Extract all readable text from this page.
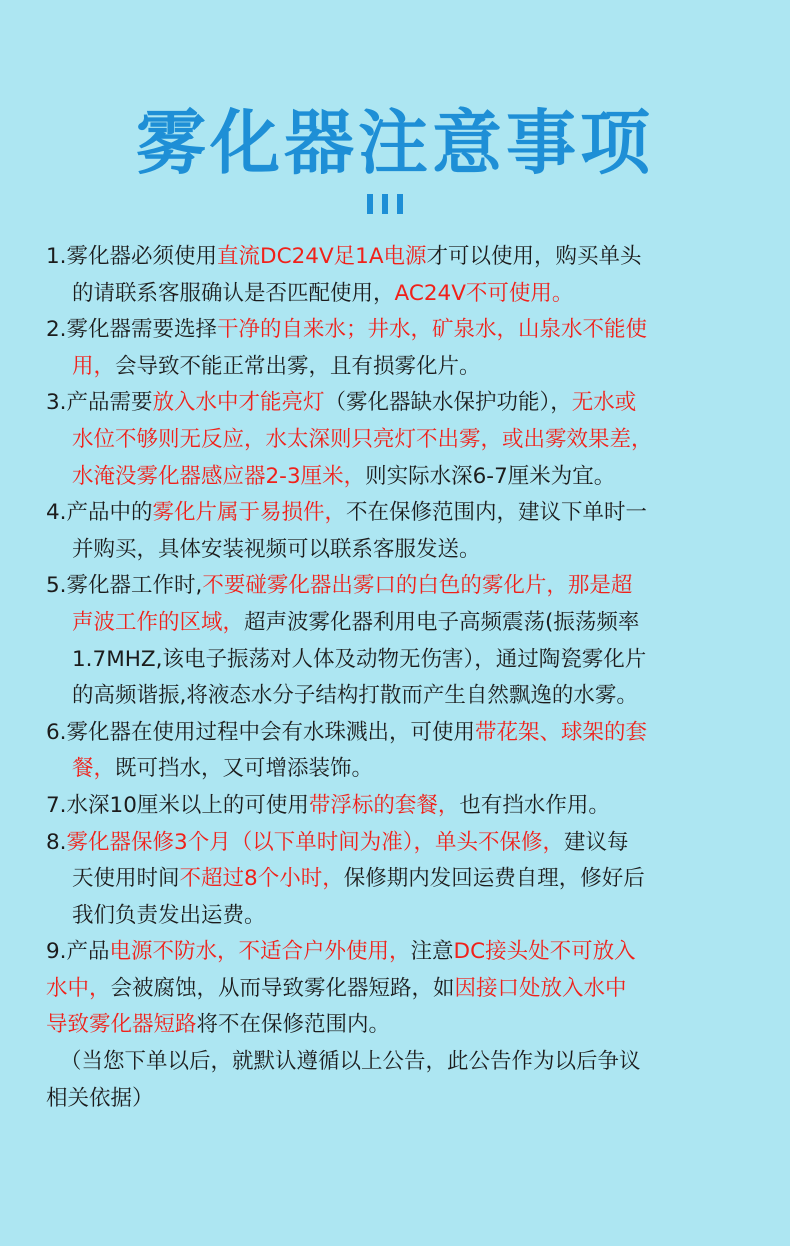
雾化器注意事项
1.雾化器必须使用直流DC24V足1A电源才可以使用，购买单头
的请联系客服确认是否匹配使用，AC24V不可使用。
2.雾化器需要选择干净的自来水；井水，矿泉水，山泉水不能使
用，会导致不能正常出雾，且有损雾化片。
3.产品需要放入水中才能亮灯（雾化器缺水保护功能），无水或
水位不够则无反应，水太深则只亮灯不出雾，或出雾效果差，
水淹没雾化器感应器2-3厘米，则实际水深6-7厘米为宜。
4.产品中的雾化片属于易损件，不在保修范围内，建议下单时一
并购买，具体安装视频可以联系客服发送。
5.雾化器工作时,不要碰雾化器出雾口的白色的雾化片，那是超
声波工作的区域，超声波雾化器利用电子高频震荡(振荡频率
1.7MHZ,该电子振荡对人体及动物无伤害），通过陶瓷雾化片
的高频谐振,将液态水分子结构打散而产生自然飘逸的水雾。
6.雾化器在使用过程中会有水珠溅出，可使用带花架、球架的套
餐，既可挡水，又可增添装饰。
7.水深10厘米以上的可使用带浮标的套餐，也有挡水作用。
8.雾化器保修3个月（以下单时间为准），单头不保修，建议每
天使用时间不超过8个小时，保修期内发回运费自理，修好后
我们负责发出运费。
9.产品电源不防水，不适合户外使用，注意DC接头处不可放入
水中，会被腐蚀，从而导致雾化器短路，如因接口处放入水中
导致雾化器短路将不在保修范围内。
（当您下单以后，就默认遵循以上公告，此公告作为以后争议
相关依据）
